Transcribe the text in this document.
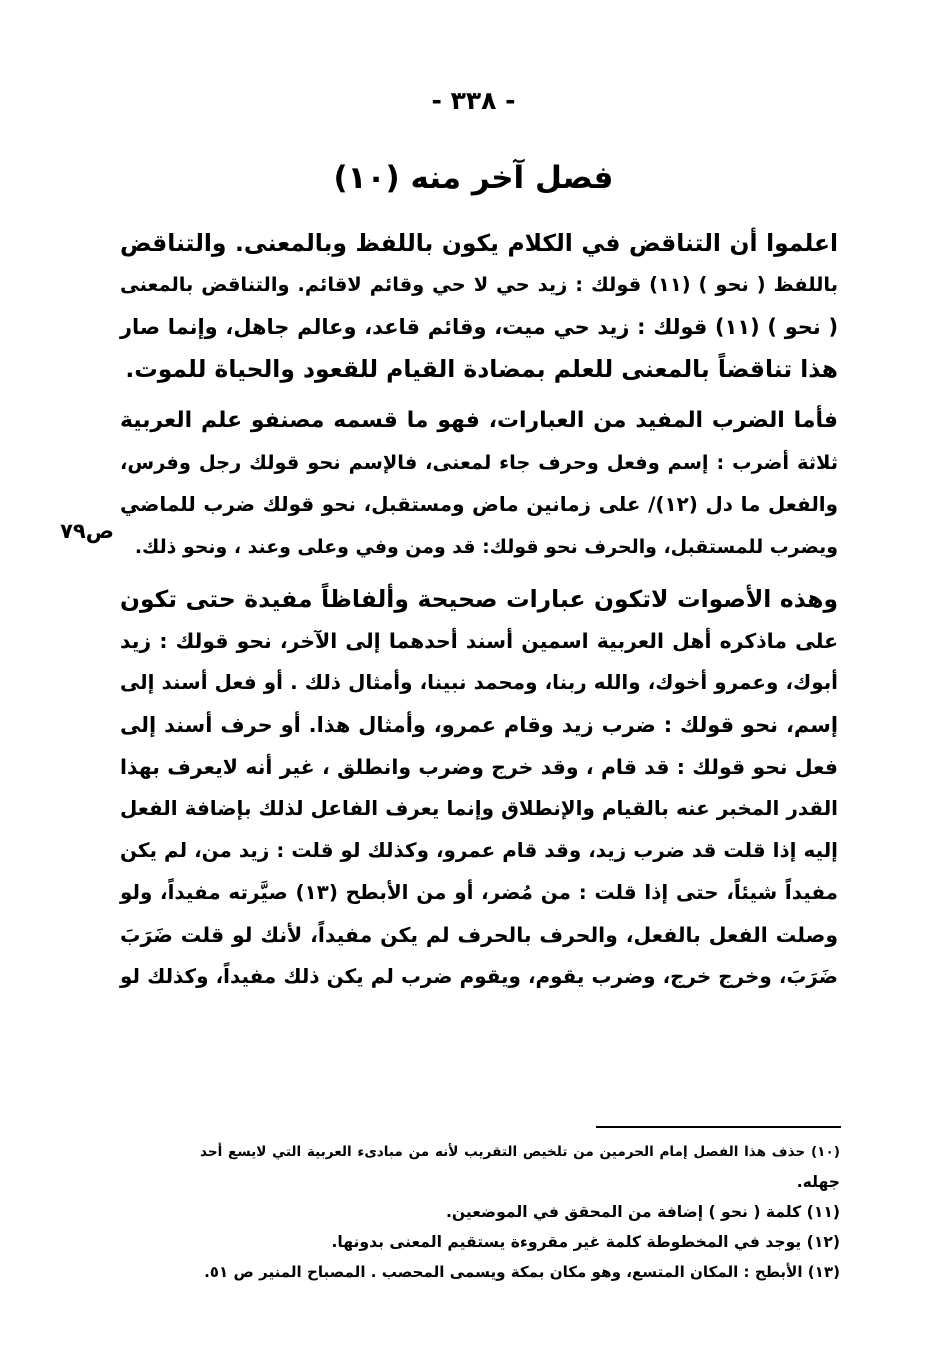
- ٣٣٨ -
فصل آخر منه (١٠)
اعلموا أن التناقض في الكلام يكون باللفظ وبالمعنى. والتناقض
باللفظ ( نحو ) (١١) قولك : زيد حي لا حي وقائم لاقائم. والتناقض بالمعنى
( نحو ) (١١) قولك : زيد حي ميت، وقائم قاعد، وعالم جاهل، وإنما صار
هذا تناقضاً بالمعنى للعلم بمضادة القيام للقعود والحياة للموت.
فأما الضرب المفيد من العبارات، فهو ما قسمه مصنفو علم العربية
ثلاثة أضرب : إسم وفعل وحرف جاء لمعنى، فالإسم نحو قولك رجل وفرس،
والفعل ما دل (١٢)/ على زمانين ماض ومستقبل، نحو قولك ضرب للماضي
ويضرب للمستقبل، والحرف نحو قولك: قد ومن وفي وعلى وعند ، ونحو ذلك.
وهذه الأصوات لاتكون عبارات صحيحة وألفاظاً مفيدة حتى تكون
على ماذكره أهل العربية اسمين أسند أحدهما إلى الآخر، نحو قولك : زيد
أبوك، وعمرو أخوك، والله ربنا، ومحمد نبينا، وأمثال ذلك . أو فعل أسند إلى
إسم، نحو قولك : ضرب زيد وقام عمرو، وأمثال هذا. أو حرف أسند إلى
فعل نحو قولك : قد قام ، وقد خرج وضرب وانطلق ، غير أنه لايعرف بهذا
القدر المخبر عنه بالقيام والإنطلاق وإنما يعرف الفاعل لذلك بإضافة الفعل
إليه إذا قلت قد ضرب زيد، وقد قام عمرو، وكذلك لو قلت : زيد من، لم يكن
مفيداً شيئاً، حتى إذا قلت : من مُضر، أو من الأبطح (١٣) صيَّرته مفيداً، ولو
وصلت الفعل بالفعل، والحرف بالحرف لم يكن مفيداً، لأنك لو قلت ضَرَبَ
ضَرَبَ، وخرج خرج، وضرب يقوم، ويقوم ضرب لم يكن ذلك مفيداً، وكذلك لو
ص٧٩
(١٠) حذف هذا الفصل إمام الحرمين من تلخيص التقريب لأنه من مبادىء العربية التي لايسع أحد
جهله.
(١١) كلمة ( نحو ) إضافة من المحقق في الموضعين.
(١٢) يوجد في المخطوطة كلمة غير مقروءة يستقيم المعنى بدونها.
(١٣) الأبطح : المكان المتسع، وهو مكان بمكة ويسمى المحصب . المصباح المنير ص ٥١.
